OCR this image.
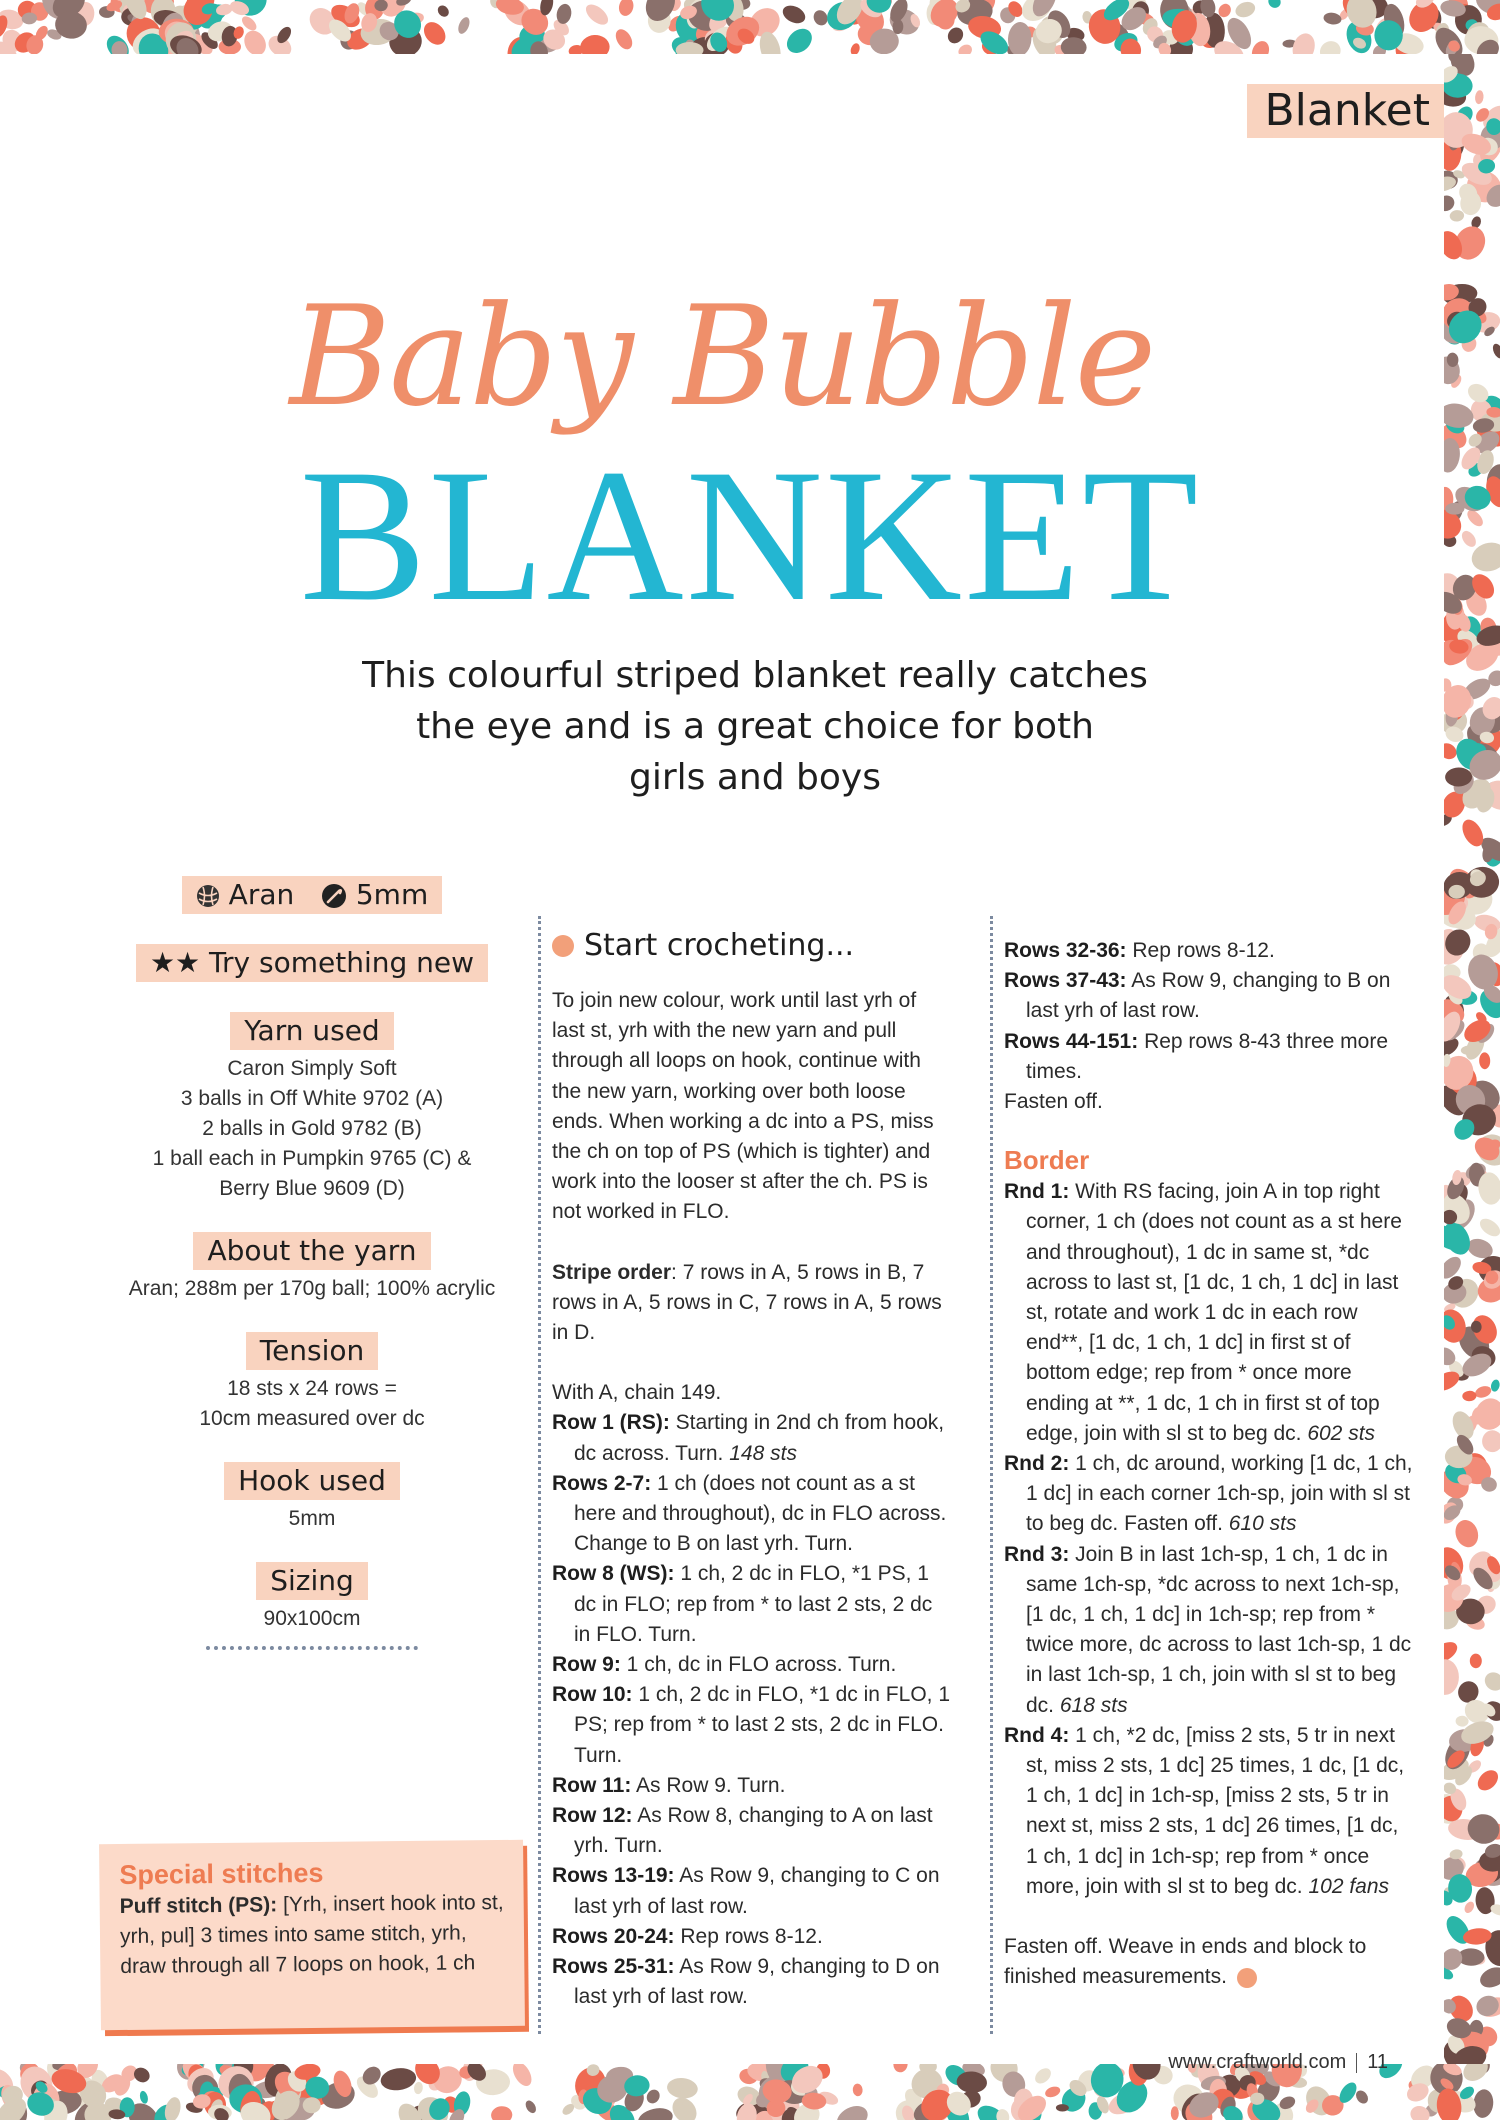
Blanket
Baby Bubble
BLANKET
This colourful striped blanket really catches
the eye and is a great choice for both
girls and boys
Aran 5mm
★★ Try something new
Yarn used
Caron Simply Soft
3 balls in Off White 9702 (A)
2 balls in Gold 9782 (B)
1 ball each in Pumpkin 9765 (C) &
Berry Blue 9609 (D)
About the yarn
Aran; 288m per 170g ball; 100% acrylic
Tension
18 sts x 24 rows =
10cm measured over dc
Hook used
5mm
Sizing
90x100cm
Special stitches

Puff stitch (PS): [Yrh, insert hook into st, yrh, pul] 3 times into same stitch, yrh, draw through all 7 loops on hook, 1 ch

Start crocheting...
To join new colour, work until last yrh of last st, yrh with the new yarn and pull through all loops on hook, continue with the new yarn, working over both loose ends. When working a dc into a PS, miss the ch on top of PS (which is tighter) and work into the looser st after the ch. PS is not worked in FLO.
Stripe order: 7 rows in A, 5 rows in B, 7 rows in A, 5 rows in C, 7 rows in A, 5 rows in D.
With A, chain 149.
Row 1 (RS): Starting in 2nd ch from hook, dc across. Turn. 148 sts
Rows 2-7: 1 ch (does not count as a st here and throughout), dc in FLO across. Change to B on last yrh. Turn.
Row 8 (WS): 1 ch, 2 dc in FLO, *1 PS, 1 dc in FLO; rep from * to last 2 sts, 2 dc in FLO. Turn.
Row 9: 1 ch, dc in FLO across. Turn.
Row 10: 1 ch, 2 dc in FLO, *1 dc in FLO, 1 PS; rep from * to last 2 sts, 2 dc in FLO. Turn.
Row 11: As Row 9. Turn.
Row 12: As Row 8, changing to A on last yrh. Turn.
Rows 13-19: As Row 9, changing to C on last yrh of last row.
Rows 20-24: Rep rows 8-12.
Rows 25-31: As Row 9, changing to D on last yrh of last row.
Rows 32-36: Rep rows 8-12.
Rows 37-43: As Row 9, changing to B on last yrh of last row.
Rows 44-151: Rep rows 8-43 three more times.
Fasten off.
Border
Rnd 1: With RS facing, join A in top right corner, 1 ch (does not count as a st here and throughout), 1 dc in same st, *dc across to last st, [1 dc, 1 ch, 1 dc] in last st, rotate and work 1 dc in each row end**, [1 dc, 1 ch, 1 dc] in first st of bottom edge; rep from * once more ending at **, 1 dc, 1 ch in first st of top edge, join with sl st to beg dc. 602 sts
Rnd 2: 1 ch, dc around, working [1 dc, 1 ch, 1 dc] in each corner 1ch-sp, join with sl st to beg dc. Fasten off. 610 sts
Rnd 3: Join B in last 1ch-sp, 1 ch, 1 dc in same 1ch-sp, *dc across to next 1ch-sp, [1 dc, 1 ch, 1 dc] in 1ch-sp; rep from * twice more, dc across to last 1ch-sp, 1 dc in last 1ch-sp, 1 ch, join with sl st to beg dc. 618 sts
Rnd 4: 1 ch, *2 dc, [miss 2 sts, 5 tr in next st, miss 2 sts, 1 dc] 25 times, 1 dc, [1 dc, 1 ch, 1 dc] in 1ch-sp, [miss 2 sts, 5 tr in next st, miss 2 sts, 1 dc] 26 times, [1 dc, 1 ch, 1 dc] in 1ch-sp; rep from * once more, join with sl st to beg dc. 102 fans
Fasten off. Weave in ends and block to finished measurements.
www.craftworld.com 11
